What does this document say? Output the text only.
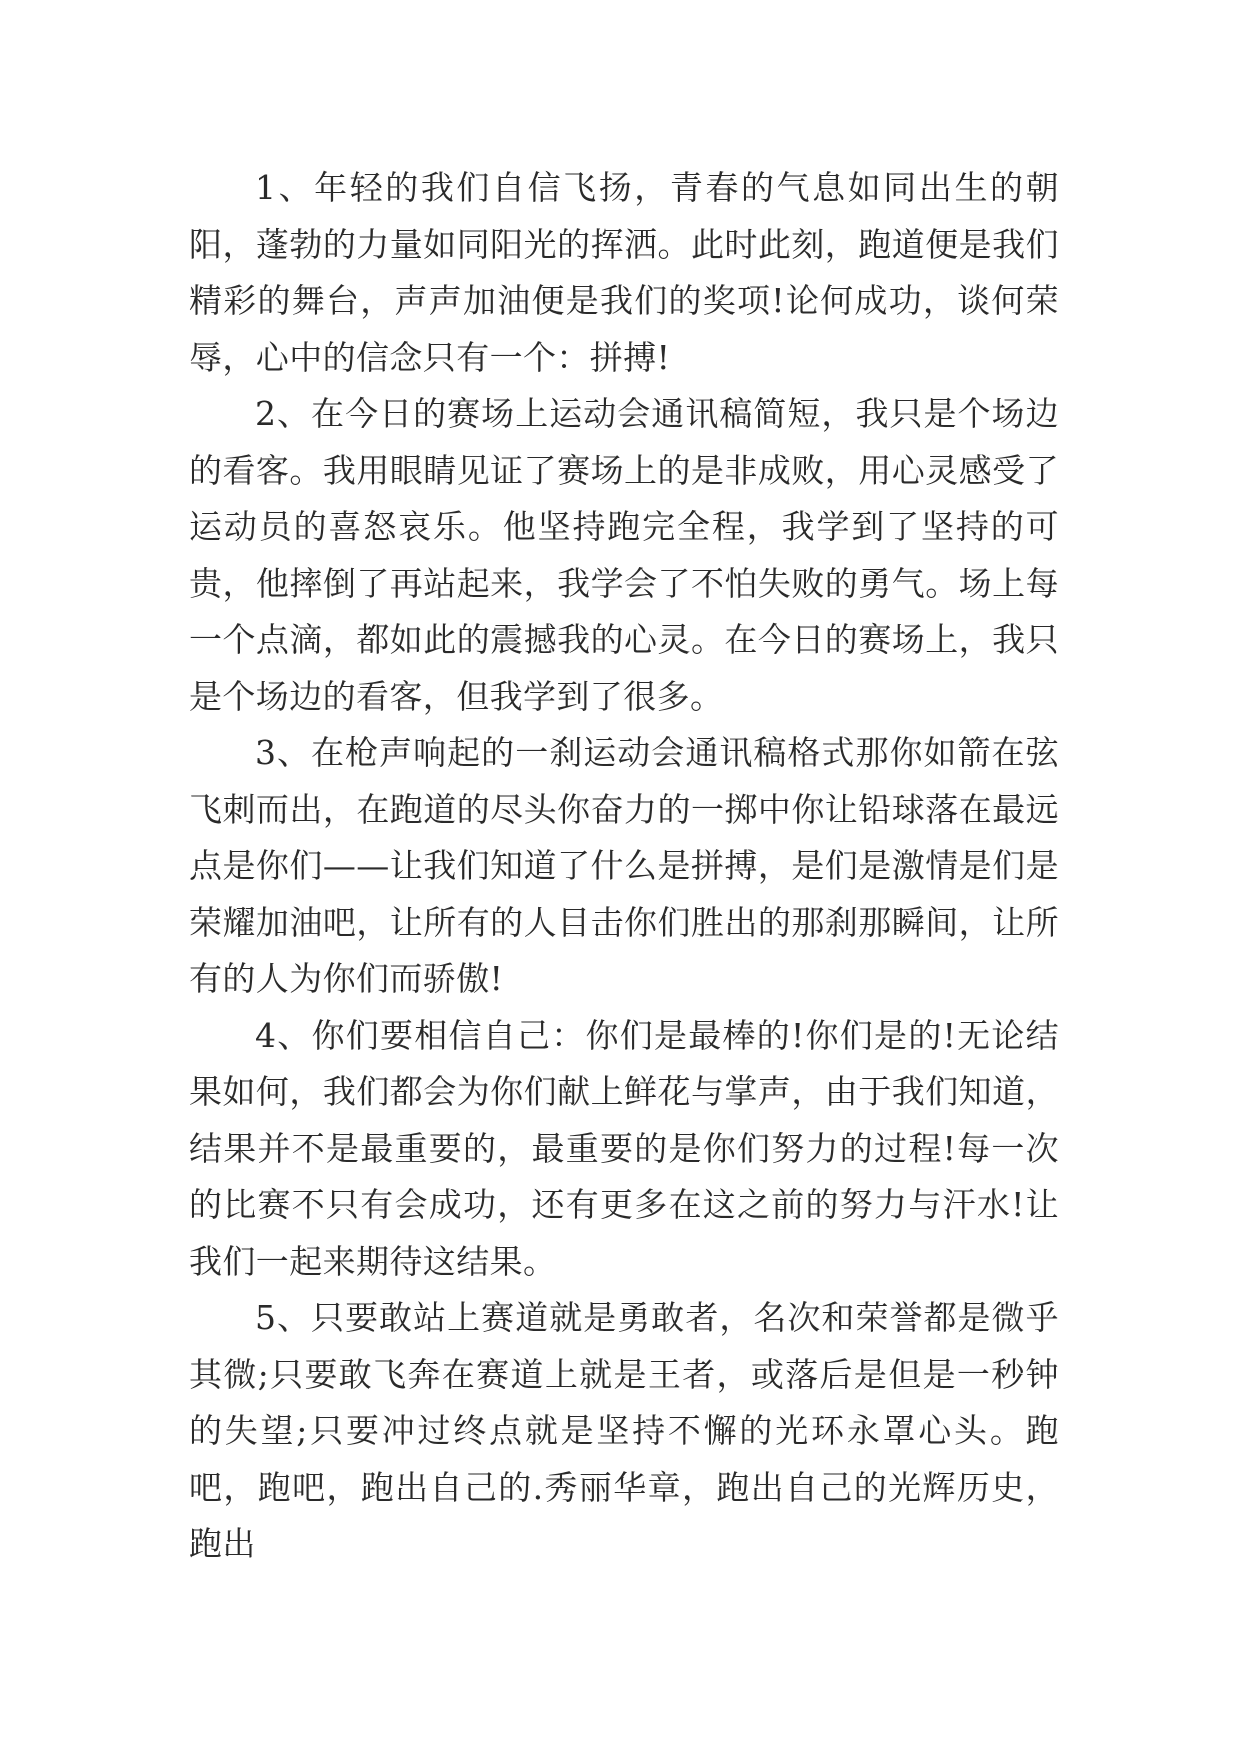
1、年轻的我们自信飞扬，青春的气息如同出生的朝阳，蓬勃的力量如同阳光的挥洒。此时此刻，跑道便是我们精彩的舞台，声声加油便是我们的奖项!论何成功，谈何荣辱，心中的信念只有一个：拼搏!

2、在今日的赛场上运动会通讯稿简短，我只是个场边的看客。我用眼睛见证了赛场上的是非成败，用心灵感受了运动员的喜怒哀乐。他坚持跑完全程，我学到了坚持的可贵，他摔倒了再站起来，我学会了不怕失败的勇气。场上每一个点滴，都如此的震撼我的心灵。在今日的赛场上，我只是个场边的看客，但我学到了很多。

3、在枪声响起的一刹运动会通讯稿格式那你如箭在弦飞刺而出，在跑道的尽头你奋力的一掷中你让铅球落在最远点是你们——让我们知道了什么是拼搏，是们是激情是们是荣耀加油吧，让所有的人目击你们胜出的那刹那瞬间，让所有的人为你们而骄傲!

4、你们要相信自己：你们是最棒的!你们是的!无论结果如何，我们都会为你们献上鲜花与掌声，由于我们知道，结果并不是最重要的，最重要的是你们努力的过程!每一次的比赛不只有会成功，还有更多在这之前的努力与汗水!让我们一起来期待这结果。

5、只要敢站上赛道就是勇敢者，名次和荣誉都是微乎其微;只要敢飞奔在赛道上就是王者，或落后是但是一秒钟的失望;只要冲过终点就是坚持不懈的光环永罩心头。跑吧，跑吧，跑出自己的.秀丽华章，跑出自己的光辉历史，跑出
